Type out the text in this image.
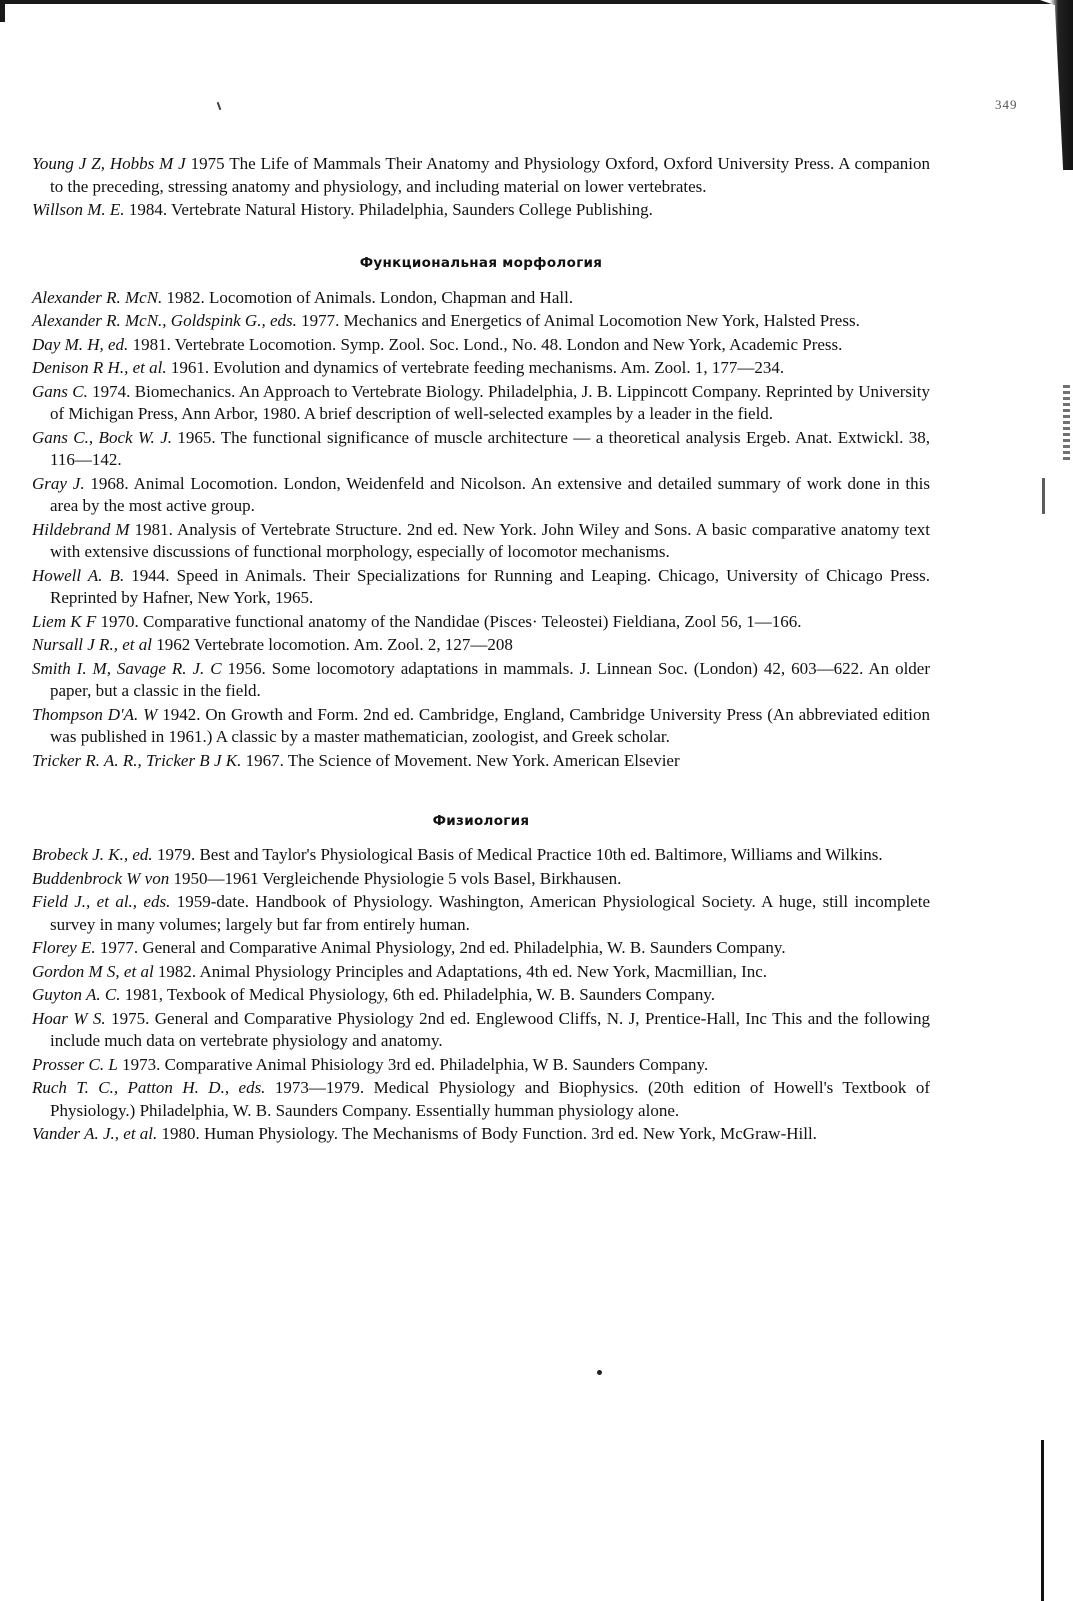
349

Young J Z, Hobbs M J 1975 The Life of Mammals Their Anatomy and Physiology Oxford, Oxford University Press. A companion to the preceding, stressing anatomy and physiology, and including material on lower vertebrates.

Willson M. E. 1984. Vertebrate Natural History. Philadelphia, Saunders College Publishing.

Функциональная морфология

Alexander R. McN. 1982. Locomotion of Animals. London, Chapman and Hall.

Alexander R. McN., Goldspink G., eds. 1977. Mechanics and Energetics of Animal Locomotion New York, Halsted Press.

Day M. H, ed. 1981. Vertebrate Locomotion. Symp. Zool. Soc. Lond., No. 48. London and New York, Academic Press.

Denison R H., et al. 1961. Evolution and dynamics of vertebrate feeding mechanisms. Am. Zool. 1, 177—234.

Gans C. 1974. Biomechanics. An Approach to Vertebrate Biology. Philadelphia, J. B. Lippincott Company. Reprinted by University of Michigan Press, Ann Arbor, 1980. A brief description of well-selected examples by a leader in the field.

Gans C., Bock W. J. 1965. The functional significance of muscle architecture — a theoretical analysis Ergeb. Anat. Extwickl. 38, 116—142.

Gray J. 1968. Animal Locomotion. London, Weidenfeld and Nicolson. An extensive and detailed summary of work done in this area by the most active group.

Hildebrand M 1981. Analysis of Vertebrate Structure. 2nd ed. New York. John Wiley and Sons. A basic comparative anatomy text with extensive discussions of functional morphology, especially of locomotor mechanisms.

Howell A. B. 1944. Speed in Animals. Their Specializations for Running and Leaping. Chicago, University of Chicago Press. Reprinted by Hafner, New York, 1965.

Liem K F 1970. Comparative functional anatomy of the Nandidae (Pisces· Teleostei) Fieldiana, Zool 56, 1—166.

Nursall J R., et al 1962 Vertebrate locomotion. Am. Zool. 2, 127—208

Smith I. M, Savage R. J. C 1956. Some locomotory adaptations in mammals. J. Linnean Soc. (London) 42, 603—622. An older paper, but a classic in the field.

Thompson D'A. W 1942. On Growth and Form. 2nd ed. Cambridge, England, Cambridge University Press (An abbreviated edition was published in 1961.) A classic by a master mathematician, zoologist, and Greek scholar.

Tricker R. A. R., Tricker B J K. 1967. The Science of Movement. New York. American Elsevier

Физиология

Brobeck J. K., ed. 1979. Best and Taylor's Physiological Basis of Medical Practice 10th ed. Baltimore, Williams and Wilkins.

Buddenbrock W von 1950—1961 Vergleichende Physiologie 5 vols Basel, Birkhausen.

Field J., et al., eds. 1959-date. Handbook of Physiology. Washington, American Physiological Society. A huge, still incomplete survey in many volumes; largely but far from entirely human.

Florey E. 1977. General and Comparative Animal Physiology, 2nd ed. Philadelphia, W. B. Saunders Company.

Gordon M S, et al 1982. Animal Physiology Principles and Adaptations, 4th ed. New York, Macmillian, Inc.

Guyton A. C. 1981, Texbook of Medical Physiology, 6th ed. Philadelphia, W. B. Saunders Company.

Hoar W S. 1975. General and Comparative Physiology 2nd ed. Englewood Cliffs, N. J, Prentice-Hall, Inc This and the following include much data on vertebrate physiology and anatomy.

Prosser C. L 1973. Comparative Animal Phisiology 3rd ed. Philadelphia, W B. Saunders Company.

Ruch T. C., Patton H. D., eds. 1973—1979. Medical Physiology and Biophysics. (20th edition of Howell's Textbook of Physiology.) Philadelphia, W. B. Saunders Company. Essentially humman physiology alone.

Vander A. J., et al. 1980. Human Physiology. The Mechanisms of Body Function. 3rd ed. New York, McGraw-Hill.
